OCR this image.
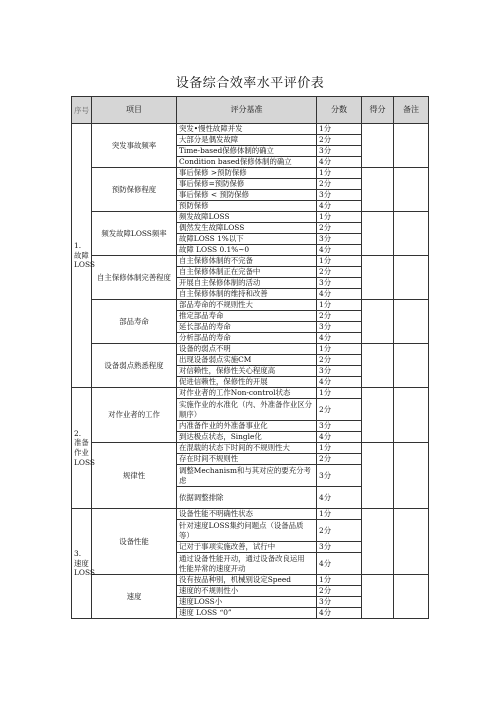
设备综合效率水平评价表
序号	项目	评分基准	分数	得分	备注
1.
故障LOSS	突发事故频率	突发•慢性故障并发	1分		
		大部分是偶发故障	2分		
		Time-based保修体制的确立	3分		
		Condition based保修体制的确立	4分		
	预防保修程度	事后保修 >预防保修	1分		
		事后保修=预防保修	2分		
		事后保修 < 预防保修	3分		
		预防保修	4分		
	频发故障LOSS频率	频发故障LOSS	1分		
		偶然发生故障LOSS	2分		
		故障LOSS 1%以下	3分		
		故障 LOSS 0.1%~0	4分		
	自主保修体制完善程度	自主保修体制的不完备	1分		
		自主保修体制正在完备中	2分		
		开展自主保修体制的活动	3分		
		自主保修体制的维持和改善	4分		
	部品寿命	部品寿命的不规则性大	1分		
		推定部品寿命	2分		
		延长部品的寿命	3分		
		分析部品的寿命	4分		
	设备弱点熟悉程度	设备的弱点不明	1分		
		出现设备弱点实施CM	2分		
		对信赖性，保修性关心程度高	3分		
		促进信赖性，保修性的开展	4分		
2.
准备作业LOSS	对作业者的工作	对作业者的工作Non-control状态	1分		
		实施作业的水准化（内、外准备作业区分顺序）	2分		
		内准备作业的外准备事业化	3分		
		到达极点状态，Single化	4分		
	规律性	在混载的状态下时间的不规则性大	1分		
		存在时间不规则性	2分		
		调整Mechanism和与其对应的要充分考虑	3分		
		依据调整排除	4分		
3.
速度LOSS	设备性能	设备性能不明确性状态	1分		
		针对速度LOSS集约问题点（设备品质等）	2分		
		记对于事项实施改善，试行中	3分		
		通过设备性能开动，通过设备改良运用 性能异常的速度开动	4分		
	速度	没有按品种别，机械别设定Speed	1分		
		速度的不规则性小	2分		
		速度LOSS小	3分		
		速度 LOSS “0”	4分		
